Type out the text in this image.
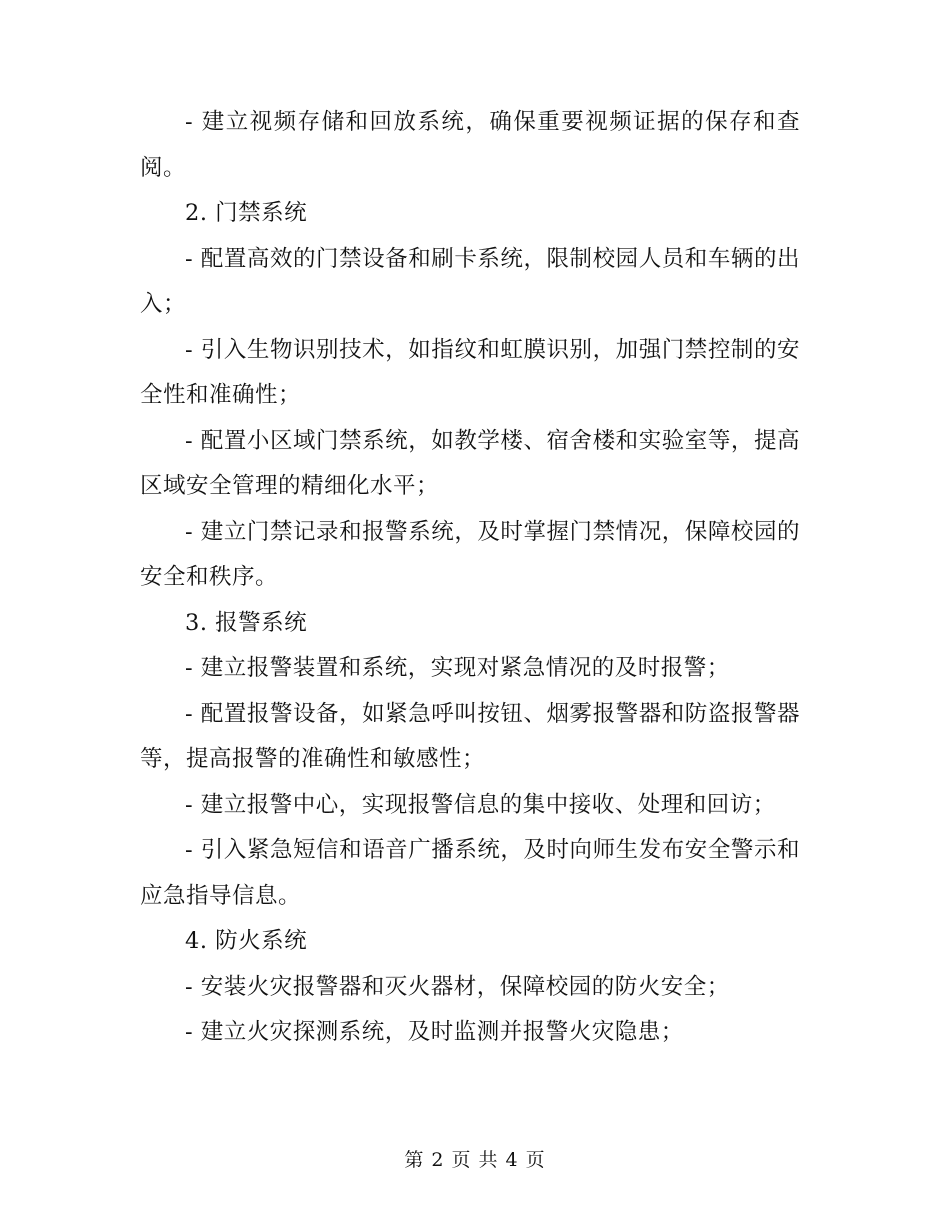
- 建立视频存储和回放系统，确保重要视频证据的保存和查阅。

2. 门禁系统

- 配置高效的门禁设备和刷卡系统，限制校园人员和车辆的出入；

- 引入生物识别技术，如指纹和虹膜识别，加强门禁控制的安全性和准确性；

- 配置小区域门禁系统，如教学楼、宿舍楼和实验室等，提高区域安全管理的精细化水平；

- 建立门禁记录和报警系统，及时掌握门禁情况，保障校园的安全和秩序。

3. 报警系统

- 建立报警装置和系统，实现对紧急情况的及时报警；

- 配置报警设备，如紧急呼叫按钮、烟雾报警器和防盗报警器等，提高报警的准确性和敏感性；

- 建立报警中心，实现报警信息的集中接收、处理和回访；

- 引入紧急短信和语音广播系统，及时向师生发布安全警示和应急指导信息。

4. 防火系统

- 安装火灾报警器和灭火器材，保障校园的防火安全；

- 建立火灾探测系统，及时监测并报警火灾隐患；

第 2 页 共 4 页
